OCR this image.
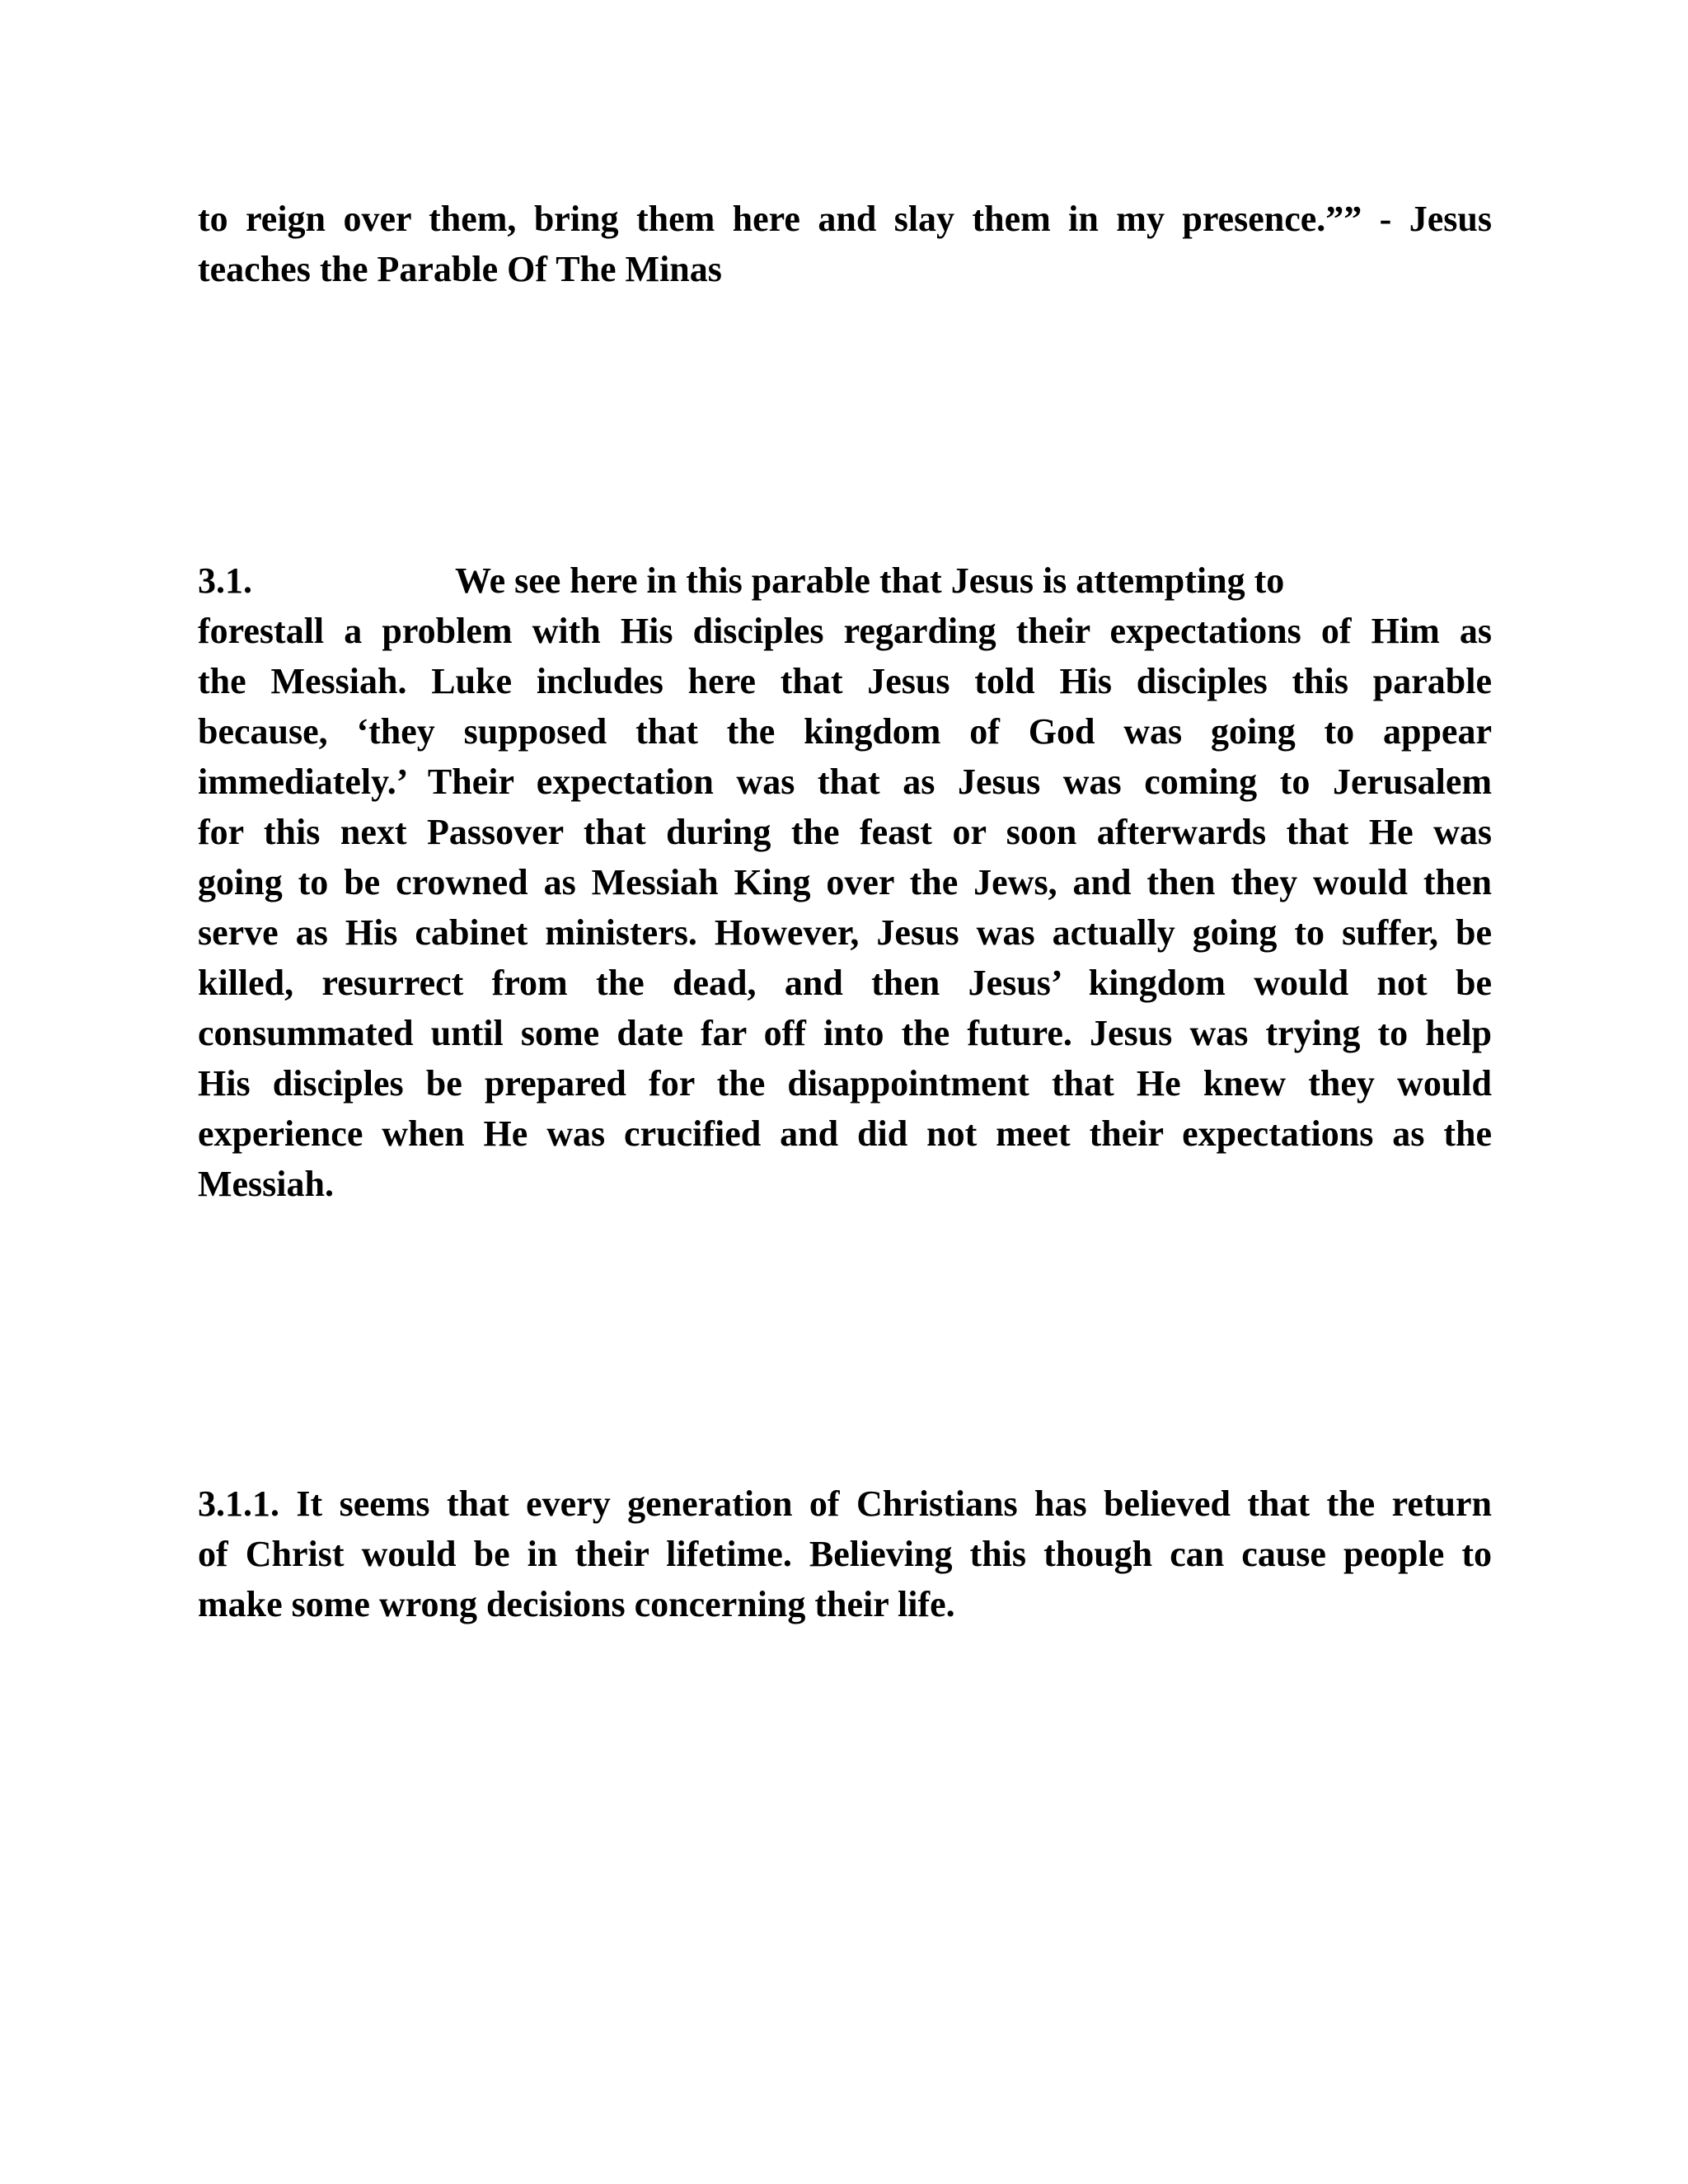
to reign over them, bring them here and slay them in my presence.”” - Jesus
teaches the Parable Of The Minas
3.1.	We see here in this parable that Jesus is attempting to
forestall a problem with His disciples regarding their expectations of Him as
the Messiah. Luke includes here that Jesus told His disciples this parable
because, ‘they supposed that the kingdom of God was going to appear
immediately.’ Their expectation was that as Jesus was coming to Jerusalem
for this next Passover that during the feast or soon afterwards that He was
going to be crowned as Messiah King over the Jews, and then they would then
serve as His cabinet ministers. However, Jesus was actually going to suffer, be
killed, resurrect from the dead, and then Jesus’ kingdom would not be
consummated until some date far off into the future. Jesus was trying to help
His disciples be prepared for the disappointment that He knew they would
experience when He was crucified and did not meet their expectations as the
Messiah.
3.1.1. It seems that every generation of Christians has believed that the return
of Christ would be in their lifetime. Believing this though can cause people to
make some wrong decisions concerning their life.
